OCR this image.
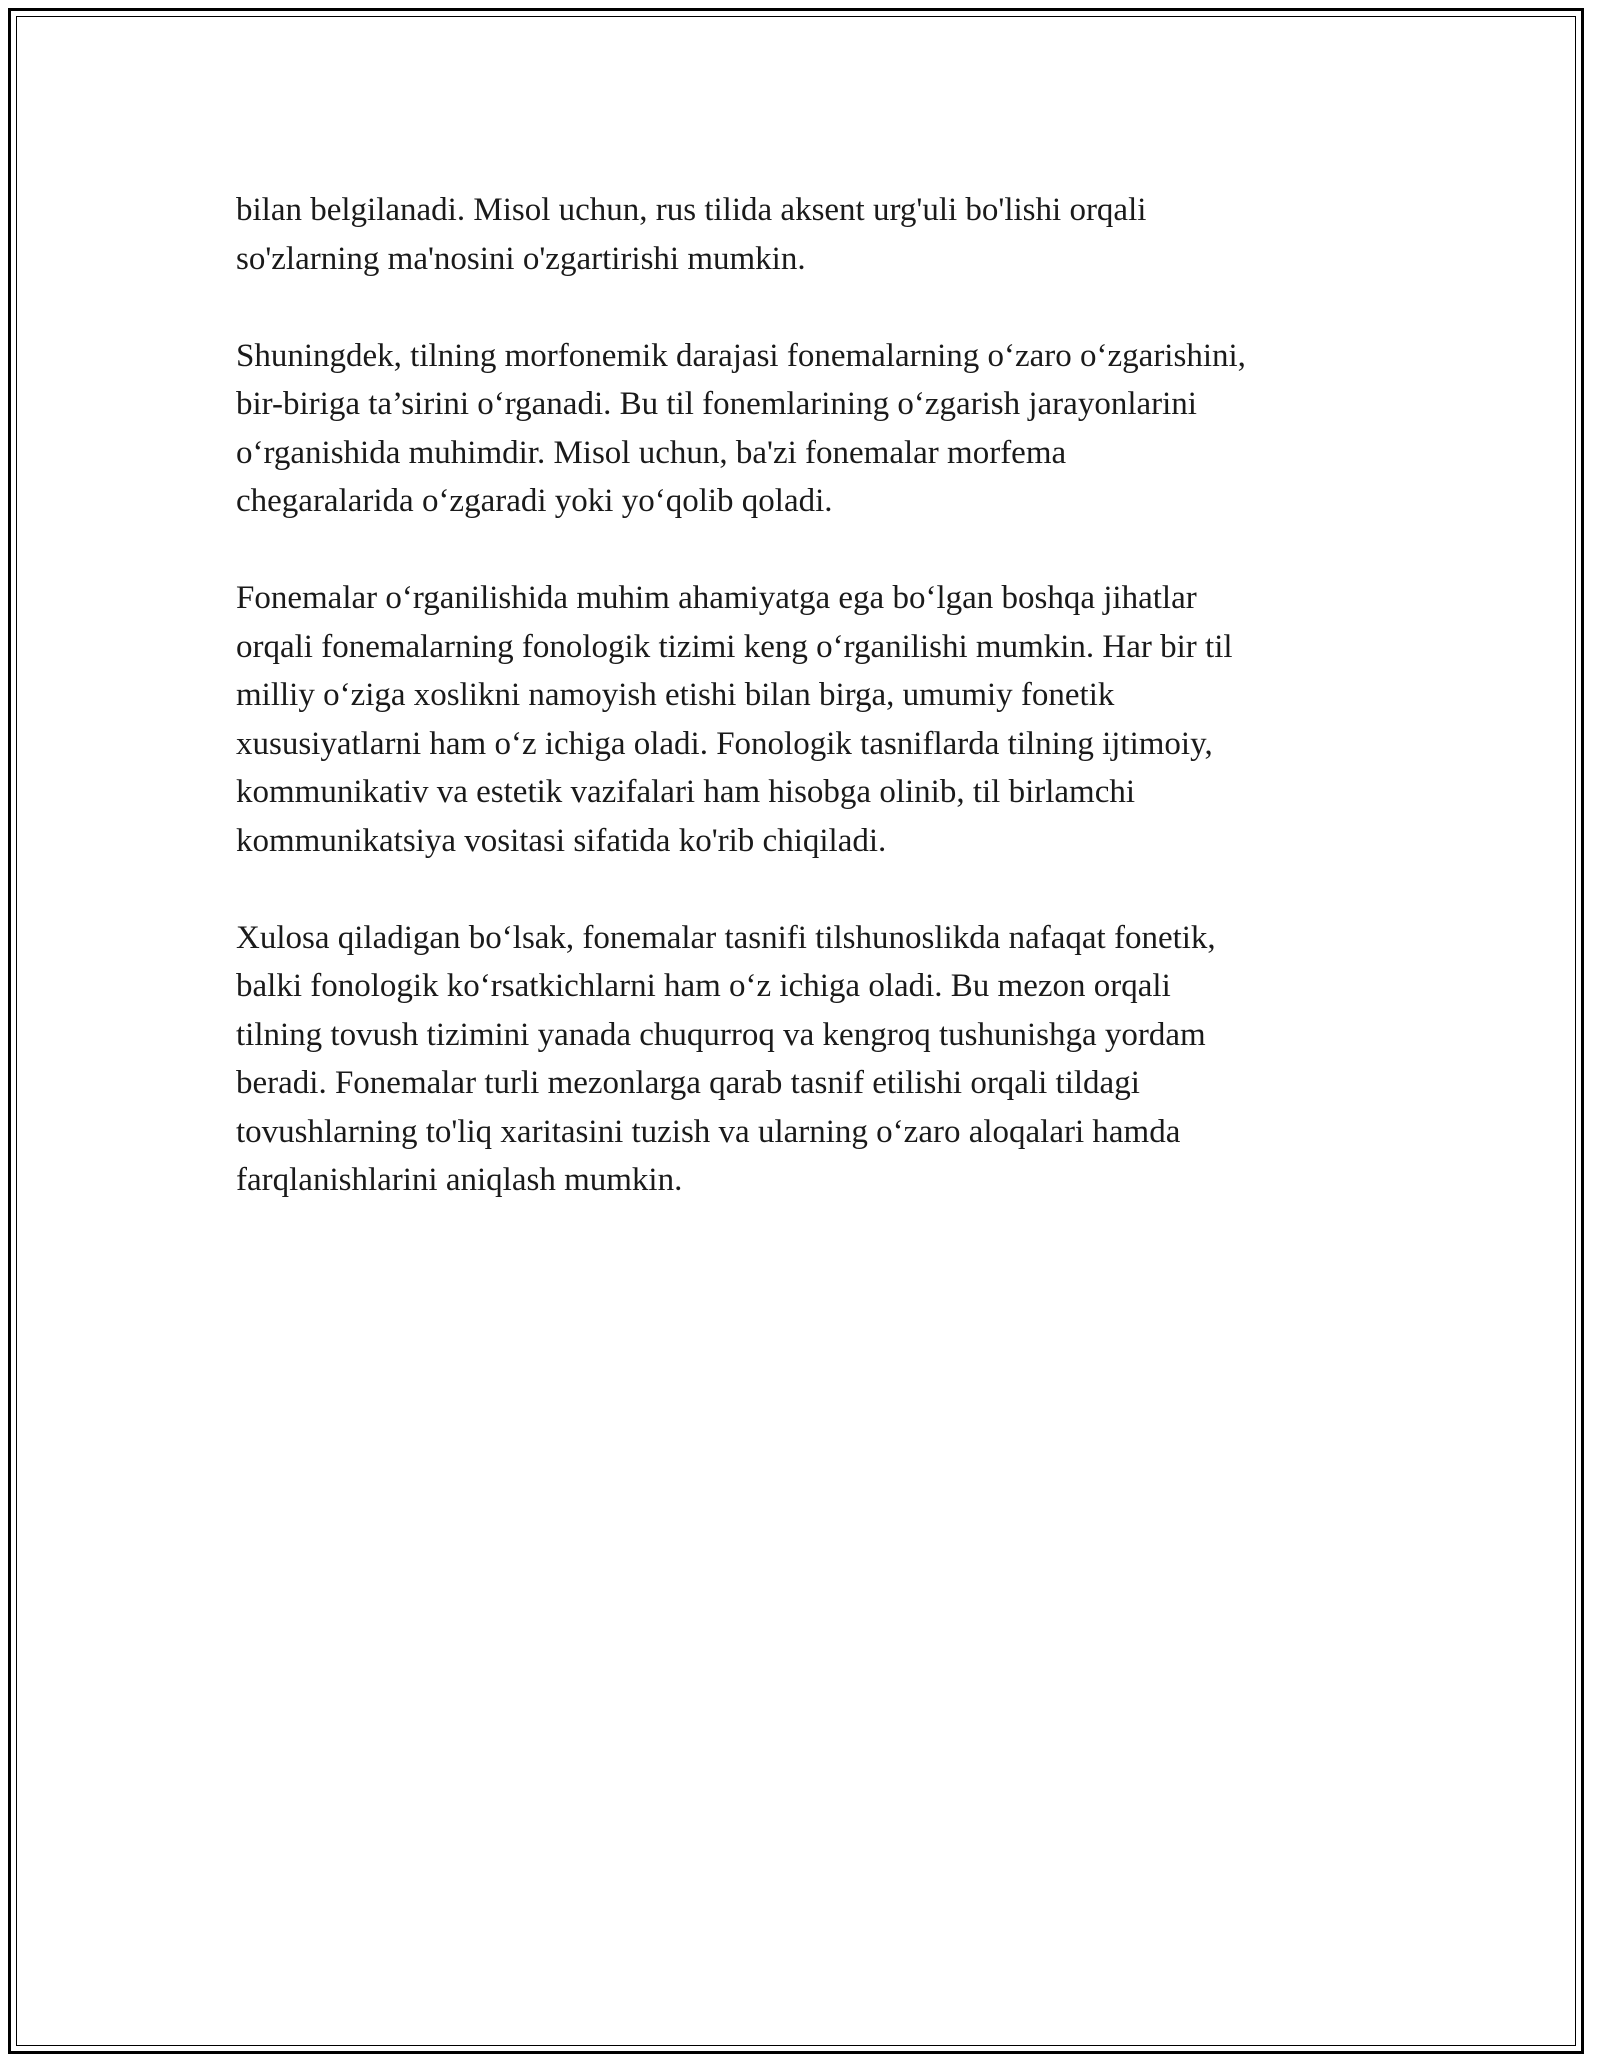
bilan belgilanadi. Misol uchun, rus tilida aksent urg'uli bo'lishi orqali
so'zlarning ma'nosini o'zgartirishi mumkin.

Shuningdek, tilning morfonemik darajasi fonemalarning o‘zaro o‘zgarishini,
bir-biriga ta’sirini o‘rganadi. Bu til fonemlarining o‘zgarish jarayonlarini
o‘rganishida muhimdir. Misol uchun, ba'zi fonemalar morfema
chegaralarida o‘zgaradi yoki yo‘qolib qoladi.

Fonemalar o‘rganilishida muhim ahamiyatga ega bo‘lgan boshqa jihatlar
orqali fonemalarning fonologik tizimi keng o‘rganilishi mumkin. Har bir til
milliy o‘ziga xoslikni namoyish etishi bilan birga, umumiy fonetik
xususiyatlarni ham o‘z ichiga oladi. Fonologik tasniflarda tilning ijtimoiy,
kommunikativ va estetik vazifalari ham hisobga olinib, til birlamchi
kommunikatsiya vositasi sifatida ko'rib chiqiladi.

Xulosa qiladigan bo‘lsak, fonemalar tasnifi tilshunoslikda nafaqat fonetik,
balki fonologik ko‘rsatkichlarni ham o‘z ichiga oladi. Bu mezon orqali
tilning tovush tizimini yanada chuqurroq va kengroq tushunishga yordam
beradi. Fonemalar turli mezonlarga qarab tasnif etilishi orqali tildagi
tovushlarning to'liq xaritasini tuzish va ularning o‘zaro aloqalari hamda
farqlanishlarini aniqlash mumkin.
